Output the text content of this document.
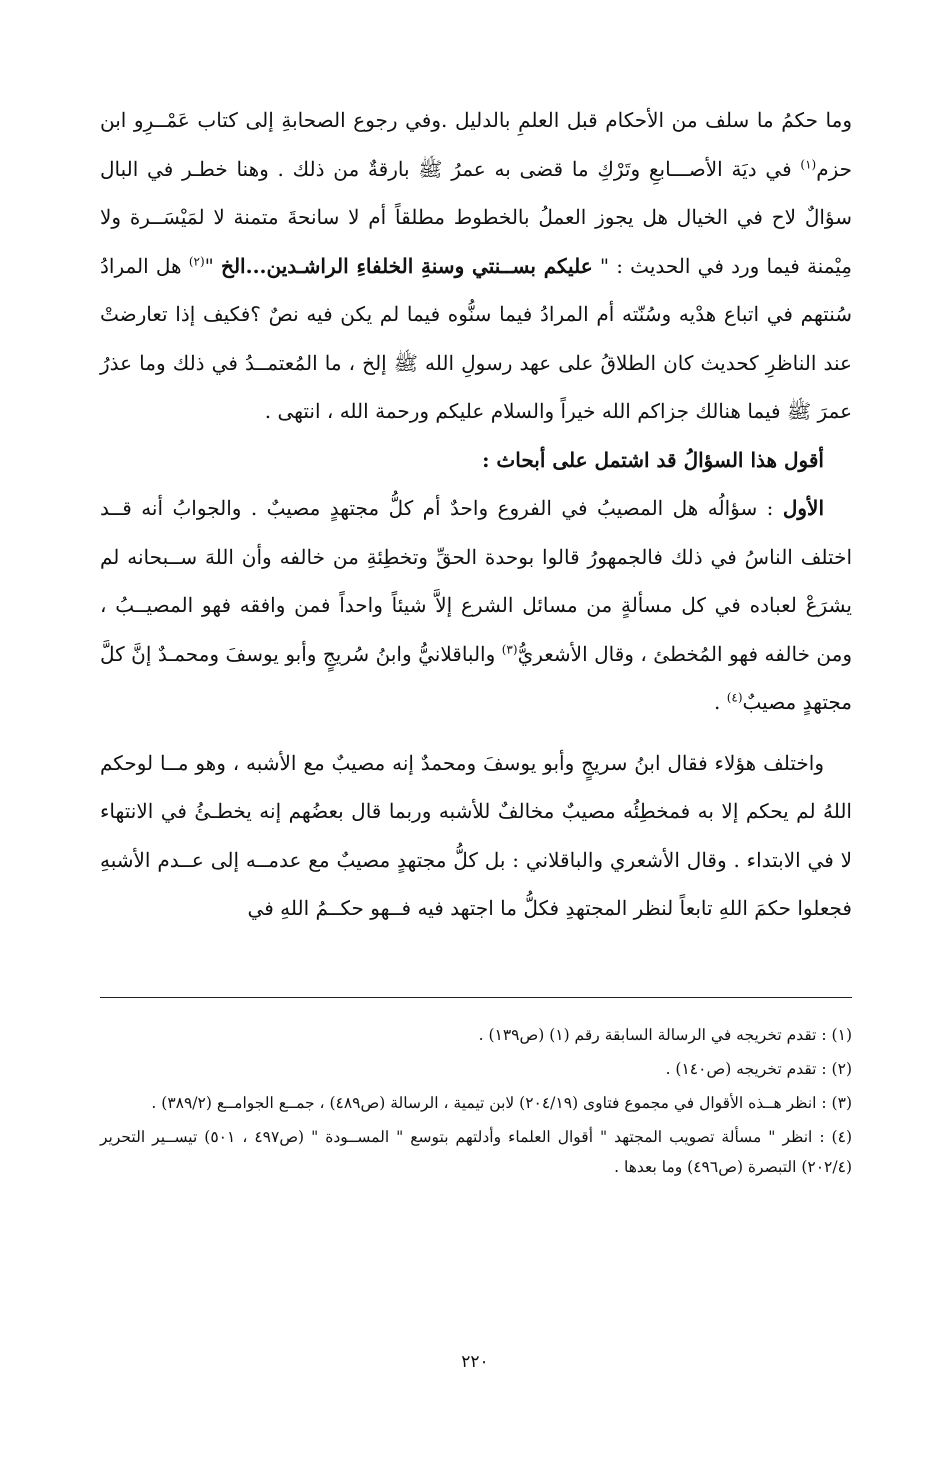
وما حكمُ ما سلف من الأحكام قبل العلمِ بالدليل .وفي رجوع الصحابةِ إلى كتاب عَمْــرِو ابن حزم$^{(١)}$ في ديَة الأصـــابعِ وتَرْكِ ما قضى به عمرُ ﷺ بارقةٌ من ذلك . وهنا خطـر في البال سؤالٌ لاح في الخيال هل يجوز العملُ بالخطوط مطلقاً أم لا سانحةَ متمنة لا لمَيْسَــرة ولا مِيْمنة فيما ورد في الحديث : " عليكم بســنتي وسنةِ الخلفاءِ الراشـدين...الخ "$^{(٢)}$ هل المرادُ سُنتهم في اتباع هدْيه وسُنّته أم المرادُ فيما سنُّوه فيما لم يكن فيه نصٌ ؟فكيف إذا تعارضتْ عند الناظرِ كحديث كان الطلاقُ على عهد رسولِ الله ﷺ إلخ ، ما المُعتمــدُ في ذلك وما عذرُ عمرَ ﷺ فيما هنالك جزاكم الله خيراً والسلام عليكم ورحمة الله ، انتهى .

أقول هذا السؤالُ قد اشتمل على أبحاث :

الأول : سؤالُه هل المصيبُ في الفروع واحدٌ أم كلُّ مجتهدٍ مصيبٌ . والجوابُ أنه قــد اختلف الناسُ في ذلك فالجمهورُ قالوا بوحدة الحقِّ وتخطِئةِ من خالفه وأن اللهَ ســبحانه لم يشرَعْ لعباده في كل مسألةٍ من مسائل الشرع إلاَّ شيئاً واحداً فمن وافقه فهو المصيــبُ ، ومن خالفه فهو المُخطئ ، وقال الأشعريُّ$^{(٣)}$ والباقلانيُّ وابنُ سُريجٍ وأبو يوسفَ ومحمـدٌ إنَّ كلَّ مجتهدٍ مصيبٌ$^{(٤)}$ .

واختلف هؤلاء فقال ابنُ سريجٍ وأبو يوسفَ ومحمدٌ إنه مصيبٌ مع الأشبه ، وهو مــا لوحكم اللهُ لم يحكم إلا به فمخطِئُه مصيبٌ مخالفٌ للأشبه وربما قال بعضُهم إنه يخطـئُ في الانتهاء لا في الابتداء . وقال الأشعري والباقلاني : بل كلُّ مجتهدٍ مصيبٌ مع عدمــه إلى عــدم الأشبهِ فجعلوا حكمَ اللهِ تابعاً لنظر المجتهدِ فكلُّ ما اجتهد فيه فــهو حكــمُ اللهِ في

(١) : تقدم تخريجه في الرسالة السابقة رقم (١) (ص١٣٩) .

(٢) : تقدم تخريجه (ص١٤٠) .

(٣) : انظر هــذه الأقوال في مجموع فتاوى (٢٠٤/١٩) لابن تيمية ، الرسالة (ص٤٨٩) ، جمــع الجوامــع (٣٨٩/٢) .

(٤) : انظر " مسألة تصويب المجتهد " أقوال العلماء وأدلتهم بتوسع " المســودة " (ص٤٩٧ ، ٥٠١) تيســير التحرير (٢٠٢/٤) التبصرة (ص٤٩٦) وما بعدها .

٢٢٠
